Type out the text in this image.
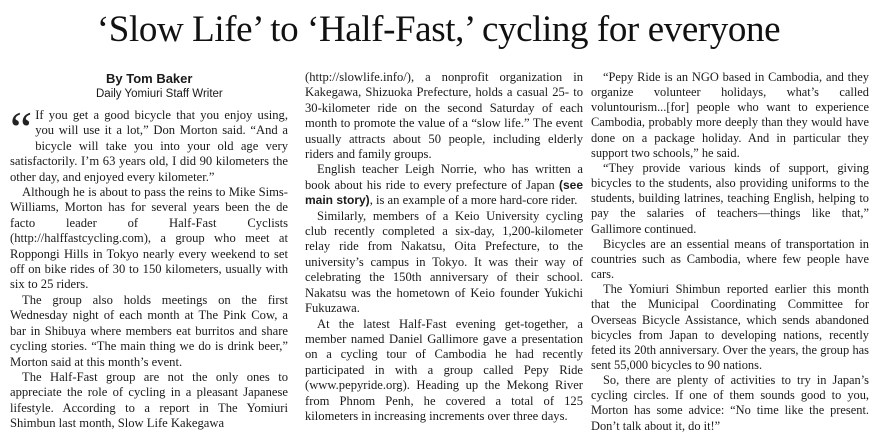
‘Slow Life’ to ‘Half-Fast,’ cycling for everyone
By Tom Baker
Daily Yomiuri Staff Writer

“ If you get a good bicycle that you enjoy using, you will use it a lot,” Don Morton said. “And a bicycle will take you into your old age very satisfactorily. I’m 63 years old, I did 90 kilometers the other day, and enjoyed every kilometer.”

Although he is about to pass the reins to Mike Sims-Williams, Morton has for several years been the de facto leader of Half-Fast Cyclists (http://halffastcycling.com), a group who meet at Roppongi Hills in Tokyo nearly every weekend to set off on bike rides of 30 to 150 kilometers, usually with six to 25 riders.

The group also holds meetings on the first Wednesday night of each month at The Pink Cow, a bar in Shibuya where members eat burritos and share cycling stories. “The main thing we do is drink beer,” Morton said at this month’s event.

The Half-Fast group are not the only ones to appreciate the role of cycling in a pleasant Japanese lifestyle. According to a report in The Yomiuri Shimbun last month, Slow Life Kakegawa

(http://slowlife.info/), a nonprofit organization in Kakegawa, Shizuoka Prefecture, holds a casual 25- to 30-kilometer ride on the second Saturday of each month to promote the value of a “slow life.” The event usually attracts about 50 people, including elderly riders and family groups.

English teacher Leigh Norrie, who has written a book about his ride to every prefecture of Japan (see main story), is an example of a more hard-core rider.

Similarly, members of a Keio University cycling club recently completed a six-day, 1,200-kilometer relay ride from Nakatsu, Oita Prefecture, to the university’s campus in Tokyo. It was their way of celebrating the 150th anniversary of their school. Nakatsu was the hometown of Keio founder Yukichi Fukuzawa.

At the latest Half-Fast evening get-together, a member named Daniel Gallimore gave a presentation on a cycling tour of Cambodia he had recently participated in with a group called Pepy Ride (www.pepyride.org). Heading up the Mekong River from Phnom Penh, he covered a total of 125 kilometers in increasing increments over three days.

“Pepy Ride is an NGO based in Cambodia, and they organize volunteer holidays, what’s called voluntourism...[for] people who want to experience Cambodia, probably more deeply than they would have done on a package holiday. And in particular they support two schools,” he said.

“They provide various kinds of support, giving bicycles to the students, also providing uniforms to the students, building latrines, teaching English, helping to pay the salaries of teachers—things like that,” Gallimore continued.

Bicycles are an essential means of transportation in countries such as Cambodia, where few people have cars.

The Yomiuri Shimbun reported earlier this month that the Municipal Coordinating Committee for Overseas Bicycle Assistance, which sends abandoned bicycles from Japan to developing nations, recently feted its 20th anniversary. Over the years, the group has sent 55,000 bicycles to 90 nations.

So, there are plenty of activities to try in Japan’s cycling circles. If one of them sounds good to you, Morton has some advice: “No time like the present. Don’t talk about it, do it!”
